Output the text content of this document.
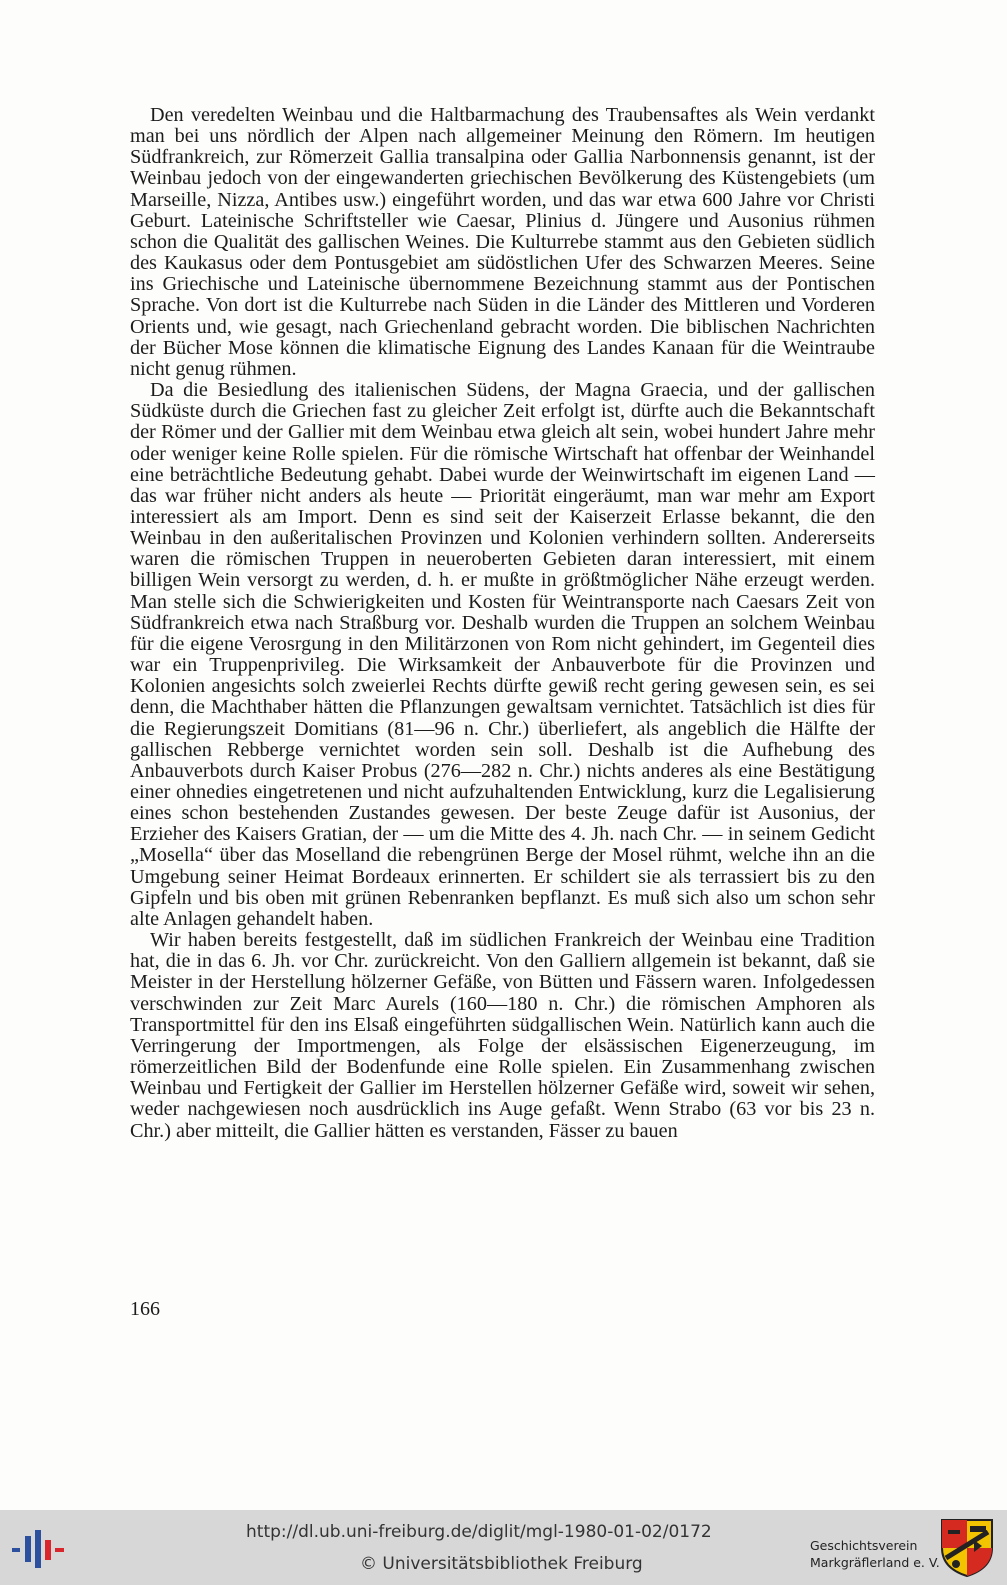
Den veredelten Weinbau und die Haltbarmachung des Traubensaftes als Wein verdankt man bei uns nördlich der Alpen nach allgemeiner Meinung den Römern. Im heutigen Südfrankreich, zur Römerzeit Gallia transalpina oder Gallia Narbonnensis genannt, ist der Weinbau jedoch von der eingewanderten griechischen Bevölkerung des Küstengebiets (um Marseille, Nizza, Antibes usw.) eingeführt worden, und das war etwa 600 Jahre vor Christi Geburt. Lateinische Schriftsteller wie Caesar, Plinius d. Jüngere und Ausonius rühmen schon die Qualität des gallischen Weines. Die Kulturrebe stammt aus den Gebieten südlich des Kaukasus oder dem Pontusgebiet am südöstlichen Ufer des Schwarzen Meeres. Seine ins Griechische und Lateinische übernommene Bezeichnung stammt aus der Pontischen Sprache. Von dort ist die Kulturrebe nach Süden in die Länder des Mittleren und Vorderen Orients und, wie gesagt, nach Griechenland gebracht worden. Die biblischen Nachrichten der Bücher Mose können die klimatische Eignung des Landes Kanaan für die Weintraube nicht genug rühmen.

Da die Besiedlung des italienischen Südens, der Magna Graecia, und der gallischen Südküste durch die Griechen fast zu gleicher Zeit erfolgt ist, dürfte auch die Bekanntschaft der Römer und der Gallier mit dem Weinbau etwa gleich alt sein, wobei hundert Jahre mehr oder weniger keine Rolle spielen. Für die römische Wirtschaft hat offenbar der Weinhandel eine beträchtliche Bedeutung gehabt. Dabei wurde der Weinwirtschaft im eigenen Land — das war früher nicht anders als heute — Priorität eingeräumt, man war mehr am Export interessiert als am Import. Denn es sind seit der Kaiserzeit Erlasse bekannt, die den Weinbau in den außeritalischen Provinzen und Kolonien verhindern sollten. Andererseits waren die römischen Truppen in neueroberten Gebieten daran interessiert, mit einem billigen Wein versorgt zu werden, d. h. er mußte in größtmöglicher Nähe erzeugt werden. Man stelle sich die Schwierigkeiten und Kosten für Weintransporte nach Caesars Zeit von Südfrankreich etwa nach Straßburg vor. Deshalb wurden die Truppen an solchem Weinbau für die eigene Verosrgung in den Militärzonen von Rom nicht gehindert, im Gegenteil dies war ein Truppenprivileg. Die Wirksamkeit der Anbauverbote für die Provinzen und Kolonien angesichts solch zweierlei Rechts dürfte gewiß recht gering gewesen sein, es sei denn, die Machthaber hätten die Pflanzungen gewaltsam vernichtet. Tatsächlich ist dies für die Regierungszeit Domitians (81—96 n. Chr.) überliefert, als angeblich die Hälfte der gallischen Rebberge vernichtet worden sein soll. Deshalb ist die Aufhebung des Anbauverbots durch Kaiser Probus (276—282 n. Chr.) nichts anderes als eine Bestätigung einer ohnedies eingetretenen und nicht aufzuhaltenden Entwicklung, kurz die Legalisierung eines schon bestehenden Zustandes gewesen. Der beste Zeuge dafür ist Ausonius, der Erzieher des Kaisers Gratian, der — um die Mitte des 4. Jh. nach Chr. — in seinem Gedicht „Mosella“ über das Moselland die rebengrünen Berge der Mosel rühmt, welche ihn an die Umgebung seiner Heimat Bordeaux erinnerten. Er schildert sie als terrassiert bis zu den Gipfeln und bis oben mit grünen Rebenranken bepflanzt. Es muß sich also um schon sehr alte Anlagen gehandelt haben.

Wir haben bereits festgestellt, daß im südlichen Frankreich der Weinbau eine Tradition hat, die in das 6. Jh. vor Chr. zurückreicht. Von den Galliern allgemein ist bekannt, daß sie Meister in der Herstellung hölzerner Gefäße, von Bütten und Fässern waren. Infolgedessen verschwinden zur Zeit Marc Aurels (160—180 n. Chr.) die römischen Amphoren als Transportmittel für den ins Elsaß eingeführten südgallischen Wein. Natürlich kann auch die Verringerung der Importmengen, als Folge der elsässischen Eigenerzeugung, im römerzeitlichen Bild der Bodenfunde eine Rolle spielen. Ein Zusammenhang zwischen Weinbau und Fertigkeit der Gallier im Herstellen hölzerner Gefäße wird, soweit wir sehen, weder nachgewiesen noch ausdrücklich ins Auge gefaßt. Wenn Strabo (63 vor bis 23 n. Chr.) aber mitteilt, die Gallier hätten es verstanden, Fässer zu bauen

166
http://dl.ub.uni-freiburg.de/diglit/mgl-1980-01-02/0172
© Universitätsbibliothek Freiburg
Geschichtsverein
Markgräflerland e. V.
